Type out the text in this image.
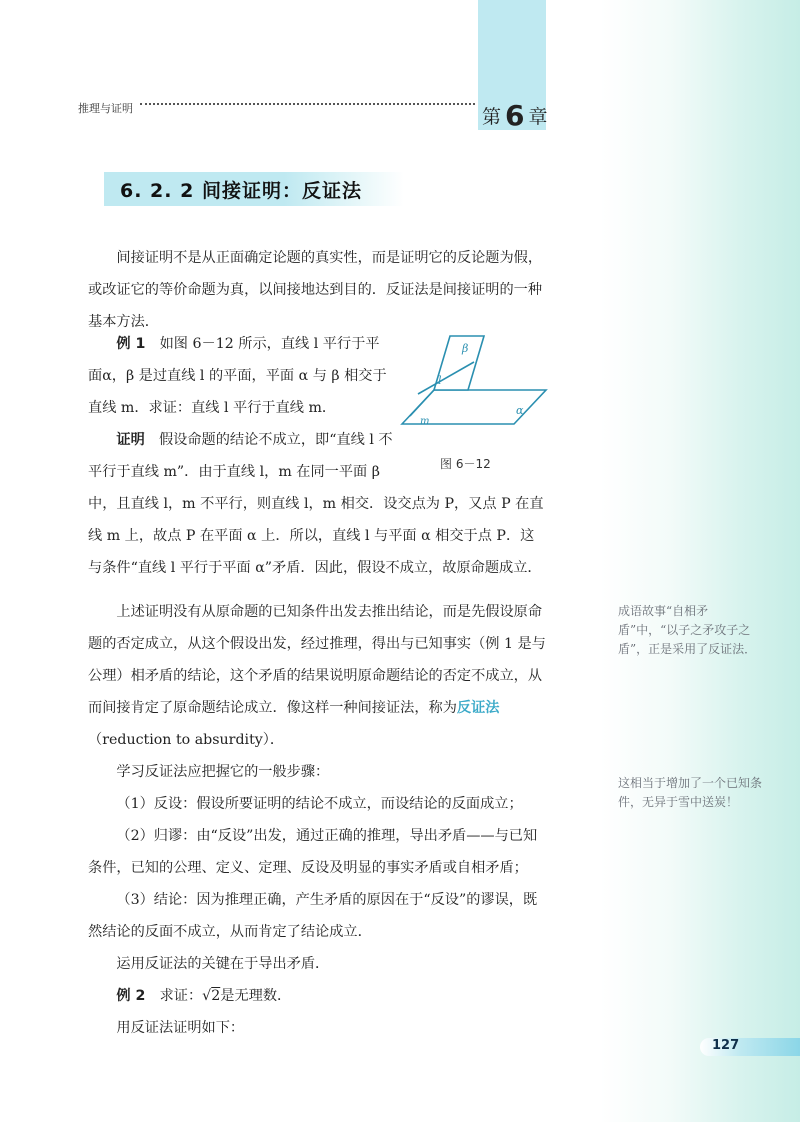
推理与证明	第 6 章
6. 2. 2 间接证明：反证法

间接证明不是从正面确定论题的真实性，而是证明它的反论题为假，或改证它的等价命题为真，以间接地达到目的．反证法是间接证明的一种基本方法．

例 1　 如图 6－12 所示，直线 l 平行于平面α，β 是过直线 l 的平面，平面 α 与 β 相交于直线 m．求证：直线 l 平行于直线 m．

证明　 假设命题的结论不成立，即“直线 l 不平行于直线 m”．由于直线 l，m 在同一平面 β 中，且直线 l，m 不平行，则直线 l，m 相交．设交点为 P，又点 P 在直线 m 上，故点 P 在平面 α 上．所以，直线 l 与平面 α 相交于点 P．这与条件“直线 l 平行于平面 α”矛盾．因此，假设不成立，故原命题成立．

β
α
l
m
图 6－12

上述证明没有从原命题的已知条件出发去推出结论，而是先假设原命题的否定成立，从这个假设出发，经过推理，得出与已知事实（例 1 是与公理）相矛盾的结论，这个矛盾的结果说明原命题结论的否定不成立，从而间接肯定了原命题结论成立．像这样一种间接证法，称为反证法（reduction to absurdity）．

学习反证法应把握它的一般步骤：

（1）反设：假设所要证明的结论不成立，而设结论的反面成立；

（2）归谬：由“反设”出发，通过正确的推理，导出矛盾——与已知条件，已知的公理、定义、定理、反设及明显的事实矛盾或自相矛盾；

（3）结论：因为推理正确，产生矛盾的原因在于“反设”的谬误，既然结论的反面不成立，从而肯定了结论成立．

运用反证法的关键在于导出矛盾．

例 2　 求证：√2是无理数．

用反证法证明如下：

成语故事“自相矛盾”中，“以子之矛攻子之盾”，正是采用了反证法．
这相当于增加了一个已知条件，无异于雪中送炭！
127
